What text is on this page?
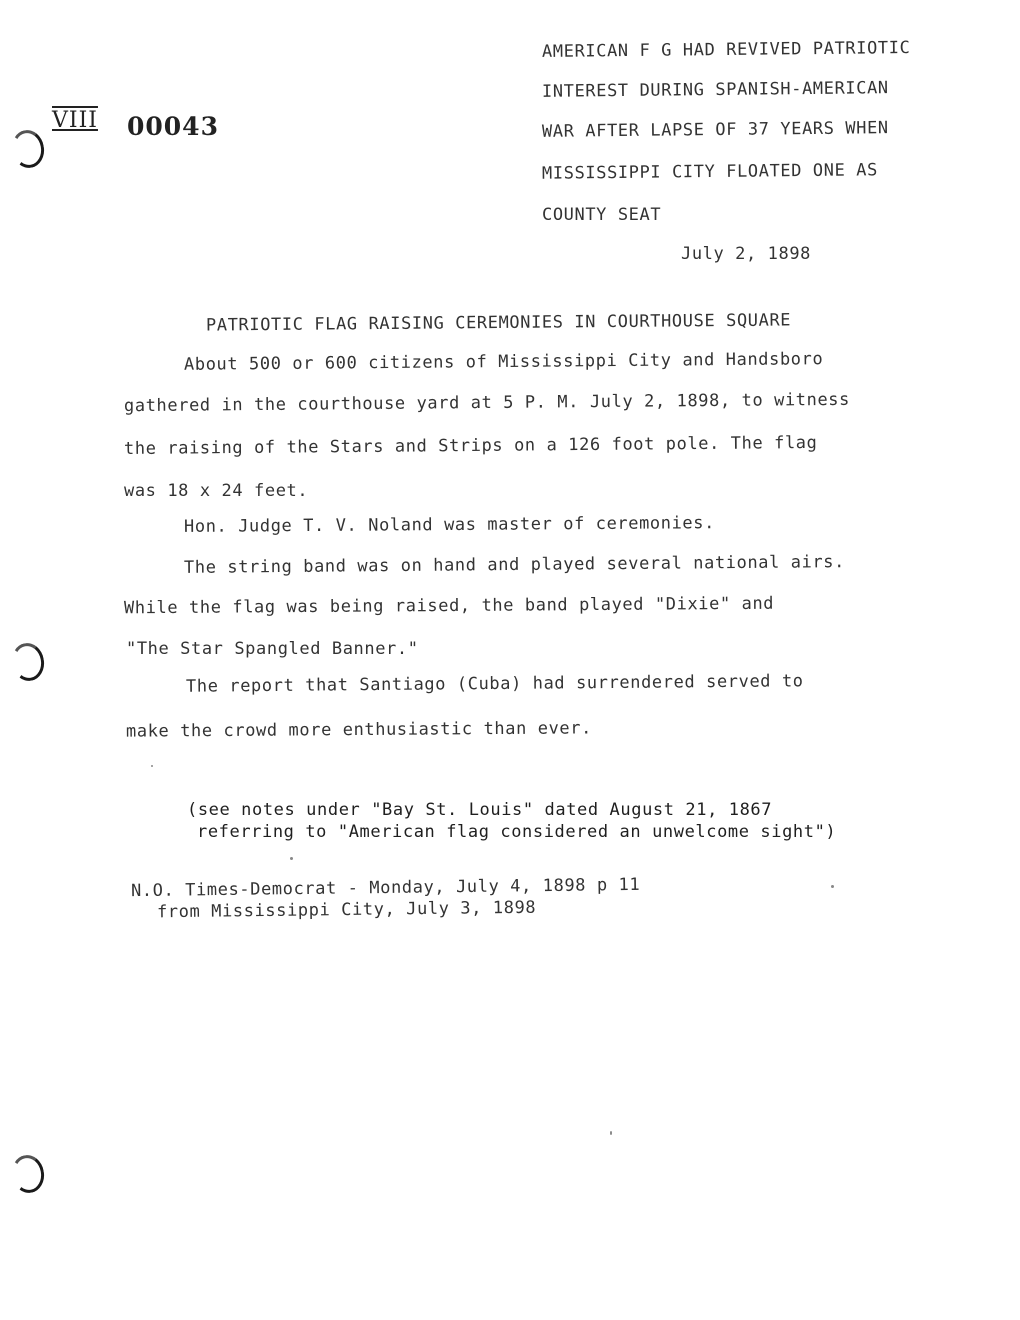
VIII 00043
AMERICAN F G HAD REVIVED PATRIOTIC
INTEREST DURING SPANISH-AMERICAN
WAR AFTER LAPSE OF 37 YEARS WHEN
MISSISSIPPI CITY FLOATED ONE AS
COUNTY SEAT
July 2, 1898
PATRIOTIC FLAG RAISING CEREMONIES IN COURTHOUSE SQUARE
About 500 or 600 citizens of Mississippi City and Handsboro
gathered in the courthouse yard at 5 P. M. July 2, 1898, to witness
the raising of the Stars and Strips on a 126 foot pole. The flag
was 18 x 24 feet.
Hon. Judge T. V. Noland was master of ceremonies.
The string band was on hand and played several national airs.
While the flag was being raised, the band played "Dixie" and
"The Star Spangled Banner."
The report that Santiago (Cuba) had surrendered served to
make the crowd more enthusiastic than ever.
(see notes under "Bay St. Louis" dated August 21, 1867
referring to "American flag considered an unwelcome sight")
N.O. Times-Democrat - Monday, July 4, 1898 p 11
from Mississippi City, July 3, 1898
